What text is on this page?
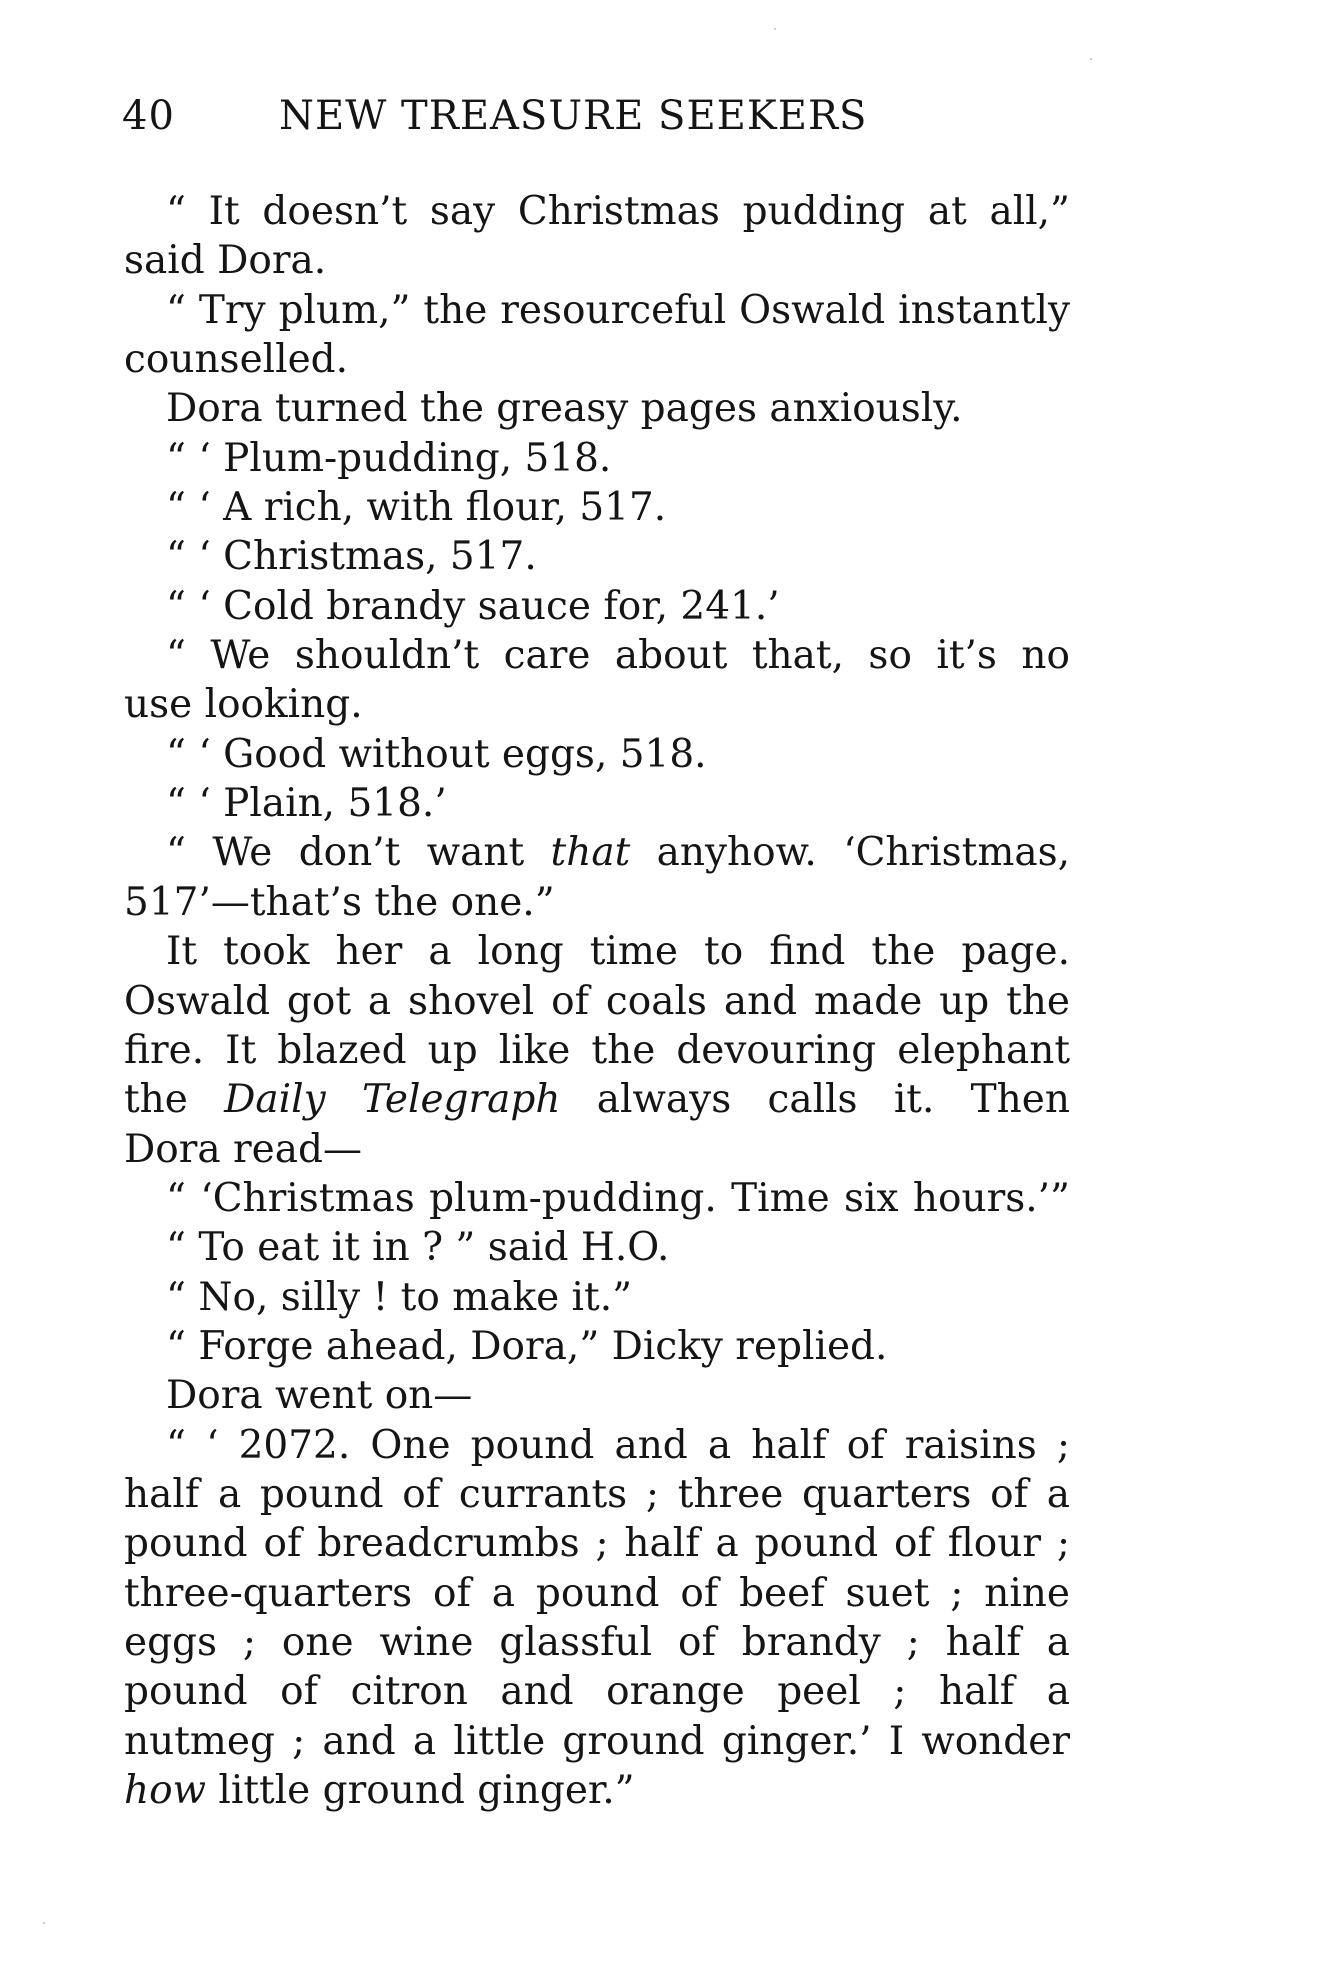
40	NEW TREASURE SEEKERS
“ It doesn’t say Christmas pudding at all,”
said Dora.
“ Try plum,” the resourceful Oswald instantly
counselled.
Dora turned the greasy pages anxiously.
“ ‘ Plum-pudding, 518.
“ ‘ A rich, with flour, 517.
“ ‘ Christmas, 517.
“ ‘ Cold brandy sauce for, 241.’
“ We shouldn’t care about that, so it’s no
use looking.
“ ‘ Good without eggs, 518.
“ ‘ Plain, 518.’
“ We don’t want that anyhow. ‘Christmas,
517’—that’s the one.”
It took her a long time to find the page.
Oswald got a shovel of coals and made up the
fire. It blazed up like the devouring elephant
the Daily Telegraph always calls it. Then
Dora read—
“ ‘Christmas plum-pudding. Time six hours.’”
“ To eat it in ? ” said H.O.
“ No, silly ! to make it.”
“ Forge ahead, Dora,” Dicky replied.
Dora went on—
“ ‘ 2072. One pound and a half of raisins ;
half a pound of currants ; three quarters of a
pound of breadcrumbs ; half a pound of flour ;
three-quarters of a pound of beef suet ; nine
eggs ; one wine glassful of brandy ; half a
pound of citron and orange peel ; half a
nutmeg ; and a little ground ginger.’ I wonder
how little ground ginger.”
